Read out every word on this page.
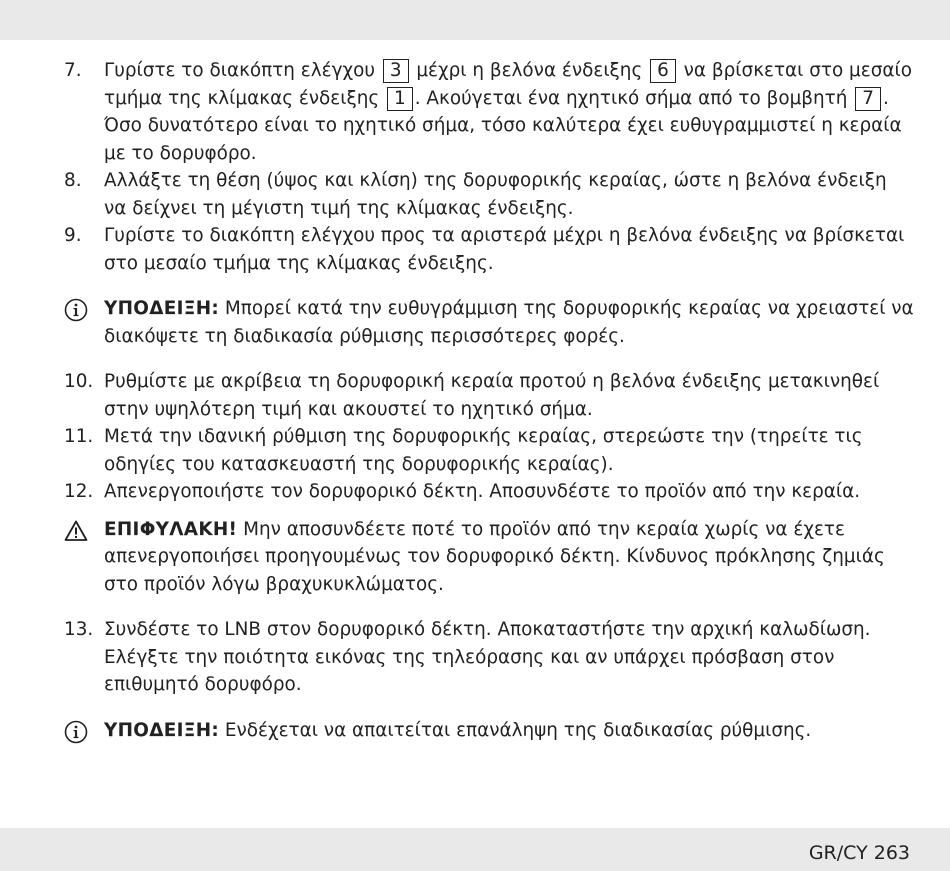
7. Γυρίστε το διακόπτη ελέγχου 3 μέχρι η βελόνα ένδειξης 6 να βρίσκεται στο μεσαίο τμήμα της κλίμακας ένδειξης 1 . Ακούγεται ένα ηχητικό σήμα από το βομβητή 7 . Όσο δυνατότερο είναι το ηχητικό σήμα, τόσο καλύτερα έχει ευθυγραμμιστεί η κεραία με το δορυφόρο.
8. Αλλάξτε τη θέση (ύψος και κλίση) της δορυφορικής κεραίας, ώστε η βελόνα ένδειξη να δείχνει τη μέγιστη τιμή της κλίμακας ένδειξης.
9. Γυρίστε το διακόπτη ελέγχου προς τα αριστερά μέχρι η βελόνα ένδειξης να βρίσκεται στο μεσαίο τμήμα της κλίμακας ένδειξης.
ΥΠΟΔΕΙΞΗ: Μπορεί κατά την ευθυγράμμιση της δορυφορικής κεραίας να χρειαστεί να διακόψετε τη διαδικασία ρύθμισης περισσότερες φορές.
10. Ρυθμίστε με ακρίβεια τη δορυφορική κεραία προτού η βελόνα ένδειξης μετακινηθεί στην υψηλότερη τιμή και ακουστεί το ηχητικό σήμα.
11. Μετά την ιδανική ρύθμιση της δορυφορικής κεραίας, στερεώστε την (τηρείτε τις οδηγίες του κατασκευαστή της δορυφορικής κεραίας).
12. Απενεργοποιήστε τον δορυφορικό δέκτη. Αποσυνδέστε το προϊόν από την κεραία.
ΕΠΙΦΥΛΑΚΗ! Μην αποσυνδέετε ποτέ το προϊόν από την κεραία χωρίς να έχετε απενεργοποιήσει προηγουμένως τον δορυφορικό δέκτη. Κίνδυνος πρόκλησης ζημιάς στο προϊόν λόγω βραχυκυκλώματος.
13. Συνδέστε το LNB στον δορυφορικό δέκτη. Αποκαταστήστε την αρχική καλωδίωση. Ελέγξτε την ποιότητα εικόνας της τηλεόρασης και αν υπάρχει πρόσβαση στον επιθυμητό δορυφόρο.
ΥΠΟΔΕΙΞΗ: Ενδέχεται να απαιτείται επανάληψη της διαδικασίας ρύθμισης.
GR/CY 263
